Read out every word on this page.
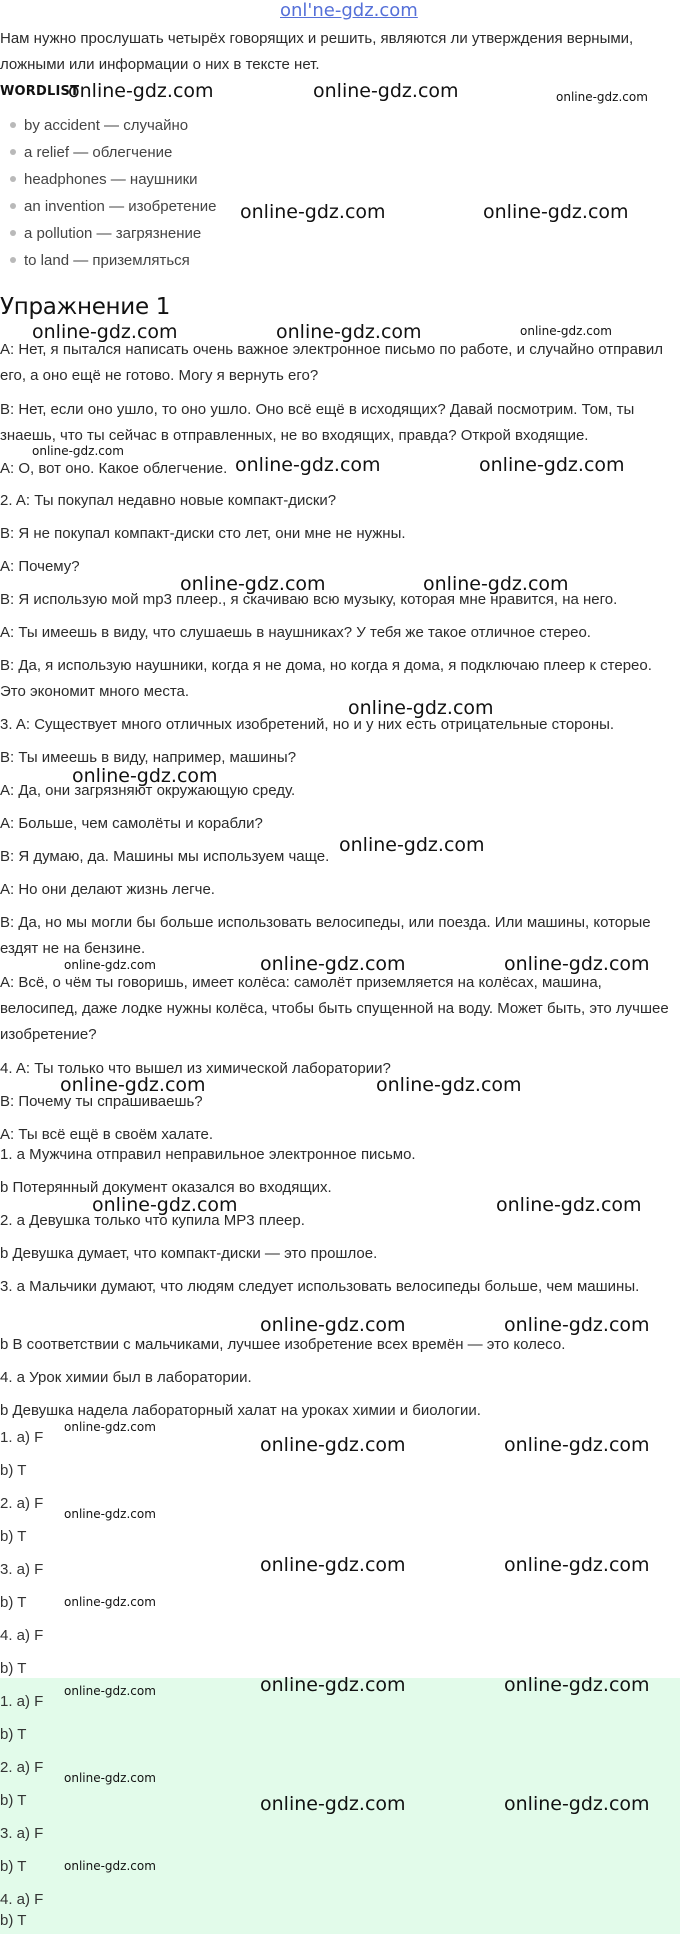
onl'ne-gdz.com
Нам нужно прослушать четырёх говорящих и решить, являются ли утверждения верными, ложными или информации о них в тексте нет.
WORDLIST
by accident — случайно
a relief — облегчение
headphones — наушники
an invention — изобретение
a pollution — загрязнение
to land — приземляться
Упражнение 1
A: Нет, я пытался написать очень важное электронное письмо по работе, и случайно отправил его, а оно ещё не готово. Могу я вернуть его?
B: Нет, если оно ушло, то оно ушло. Оно всё ещё в исходящих? Давай посмотрим. Том, ты знаешь, что ты сейчас в отправленных, не во входящих, правда? Открой входящие.
A: О, вот оно. Какое облегчение.
2. A: Ты покупал недавно новые компакт-диски?
B: Я не покупал компакт-диски сто лет, они мне не нужны.
A: Почему?
B: Я использую мой mp3 плеер., я скачиваю всю музыку, которая мне нравится, на него.
A: Ты имеешь в виду, что слушаешь в наушниках? У тебя же такое отличное стерео.
B: Да, я использую наушники, когда я не дома, но когда я дома, я подключаю плеер к стерео. Это экономит много места.
3. A: Существует много отличных изобретений, но и у них есть отрицательные стороны.
B: Ты имеешь в виду, например, машины?
A: Да, они загрязняют окружающую среду.
A: Больше, чем самолёты и корабли?
B: Я думаю, да. Машины мы используем чаще.
A: Но они делают жизнь легче.
B: Да, но мы могли бы больше использовать велосипеды, или поезда. Или машины, которые ездят не на бензине.
A: Всё, о чём ты говоришь, имеет колёса: самолёт приземляется на колёсах, машина, велосипед, даже лодке нужны колёса, чтобы быть спущенной на воду. Может быть, это лучшее изобретение?
4. A: Ты только что вышел из химической лаборатории?
B: Почему ты спрашиваешь?
A: Ты всё ещё в своём халате.
1. a Мужчина отправил неправильное электронное письмо.
b Потерянный документ оказался во входящих.
2. a Девушка только что купила MP3 плеер.
b Девушка думает, что компакт-диски — это прошлое.
3. a Мальчики думают, что людям следует использовать велосипеды больше, чем машины.
b В соответствии с мальчиками, лучшее изобретение всех времён — это колесо.
4. a Урок химии был в лаборатории.
b Девушка надела лабораторный халат на уроках химии и биологии.
1. a) F
b) T
2. a) F
b) T
3. a) F
b) T
4. a) F
b) T
1. a) F
b) T
2. a) F
b) T
3. a) F
b) T
4. a) F
b) T
online-gdz.com	online-gdz.com	online-gdz.com
online-gdz.com	online-gdz.com
online-gdz.com	online-gdz.com	online-gdz.com
online-gdz.com
online-gdz.com	online-gdz.com
online-gdz.com	online-gdz.com
online-gdz.com
online-gdz.com
online-gdz.com
online-gdz.com	online-gdz.com	online-gdz.com
online-gdz.com	online-gdz.com
online-gdz.com	online-gdz.com
online-gdz.com	online-gdz.com
online-gdz.com
online-gdz.com	online-gdz.com
online-gdz.com
online-gdz.com	online-gdz.com
online-gdz.com
online-gdz.com	online-gdz.com
online-gdz.com
online-gdz.com
online-gdz.com	online-gdz.com
online-gdz.com
